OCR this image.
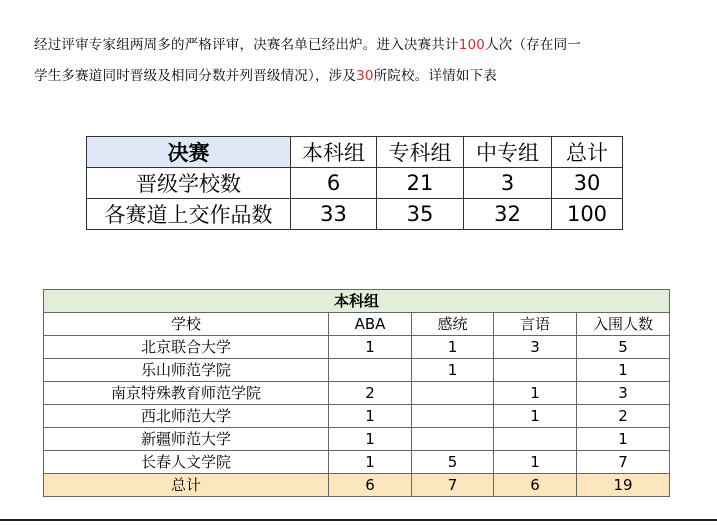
经过评审专家组两周多的严格评审，决赛名单已经出炉。进入决赛共计100人次（存在同一
学生多赛道同时晋级及相同分数并列晋级情况），涉及30所院校。详情如下表
决赛	本科组	专科组	中专组	总计
晋级学校数	6	21	3	30
各赛道上交作品数	33	35	32	100
本科组				
学校	ABA	感统	言语	入围人数
北京联合大学	1	1	3	5
乐山师范学院		1		1
南京特殊教育师范学院	2		1	3
西北师范大学	1		1	2
新疆师范大学	1			1
长春人文学院	1	5	1	7
总计	6	7	6	19
